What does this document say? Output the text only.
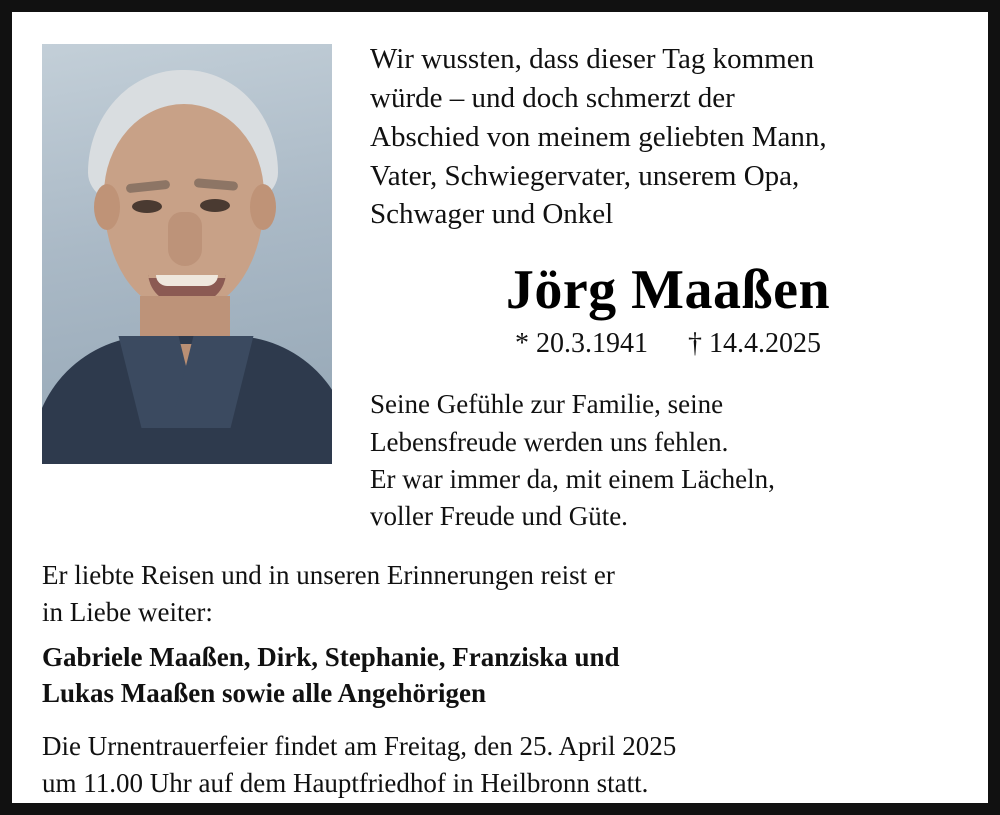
Wir wussten, dass dieser Tag kommen
würde – und doch schmerzt der
Abschied von meinem geliebten Mann,
Vater, Schwiegervater, unserem Opa,
Schwager und Onkel
Jörg Maaßen
* 20.3.1941 † 14.4.2025
Seine Gefühle zur Familie, seine
Lebensfreude werden uns fehlen.
Er war immer da, mit einem Lächeln,
voller Freude und Güte.
Er liebte Reisen und in unseren Erinnerungen reist er
in Liebe weiter:
Gabriele Maaßen, Dirk, Stephanie, Franziska und
Lukas Maaßen sowie alle Angehörigen
Die Urnentrauerfeier findet am Freitag, den 25. April 2025
um 11.00 Uhr auf dem Hauptfriedhof in Heilbronn statt.
